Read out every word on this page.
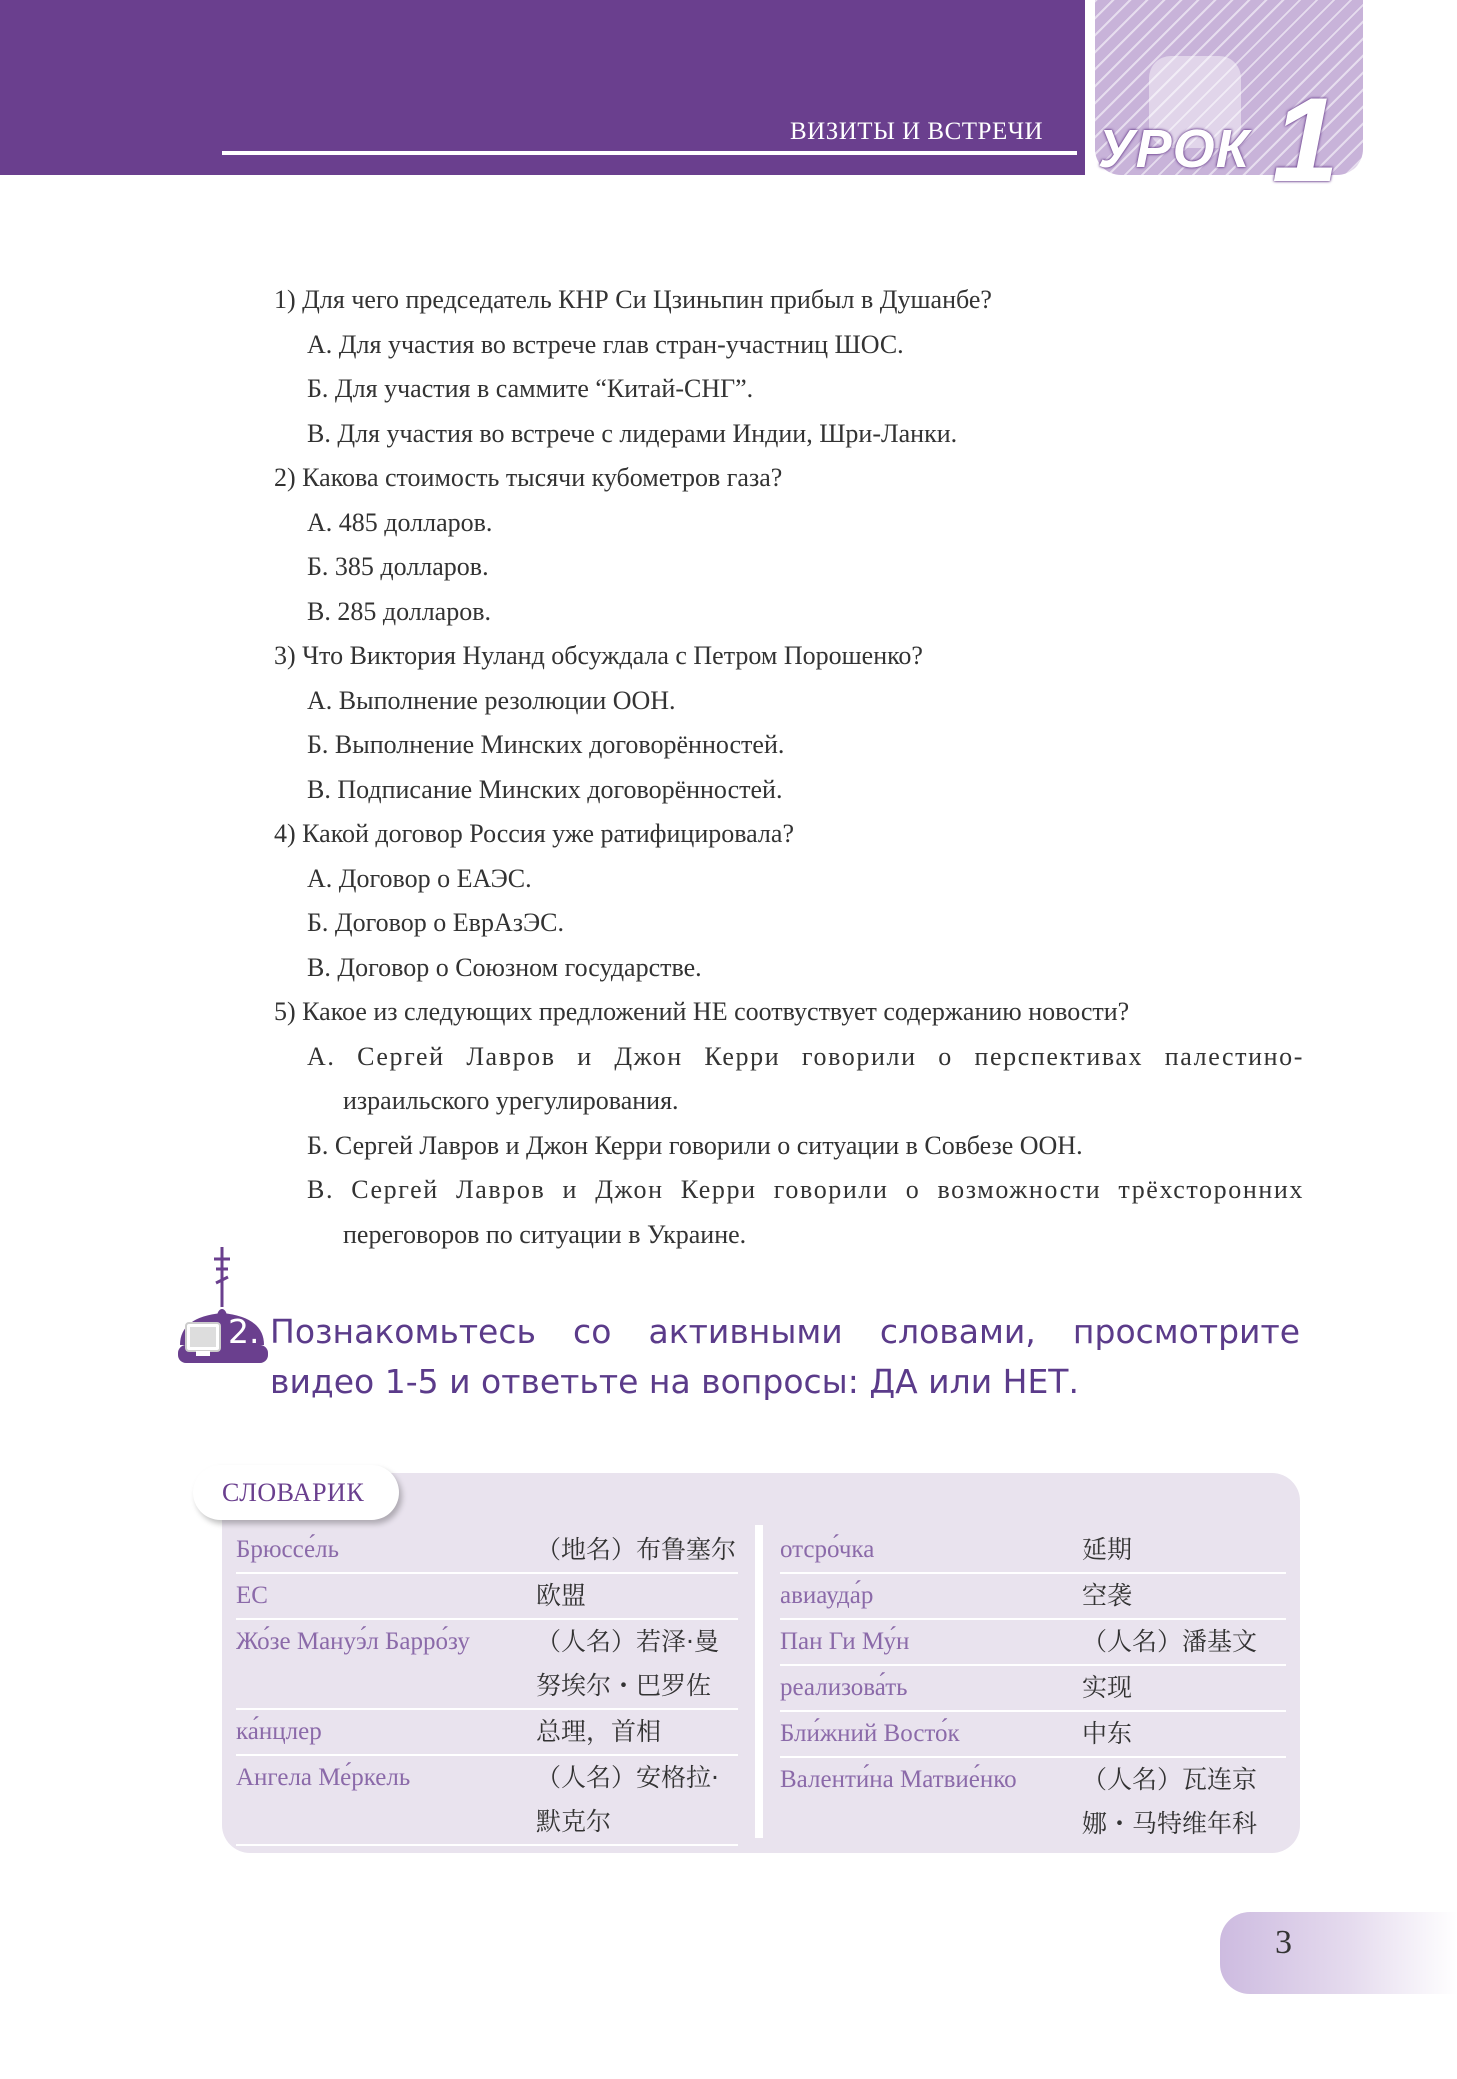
ВИЗИТЫ И ВСТРЕЧИ УРОК 1

1) Для чего председатель КНР Си Цзиньпин прибыл в Душанбе?

А. Для участия во встрече глав стран-участниц ШОС.

Б. Для участия в саммите “Китай-СНГ”.

В. Для участия во встрече с лидерами Индии, Шри-Ланки.

2) Какова стоимость тысячи кубометров газа?

А. 485 долларов.

Б. 385 долларов.

В. 285 долларов.

3) Что Виктория Нуланд обсуждала с Петром Порошенко?

А. Выполнение резолюции ООН.

Б. Выполнение Минских договорённостей.

В. Подписание Минских договорённостей.

4) Какой договор Россия уже ратифицировала?

А. Договор о ЕАЭС.

Б. Договор о ЕврАзЭС.

В. Договор о Союзном государстве.

5) Какое из следующих предложений НЕ соотвуствует содержанию новости?

А. Сергей Лавров и Джон Керри говорили о перспективах палестино-

израильского урегулирования.

Б. Сергей Лавров и Джон Керри говорили о ситуации в Совбезе ООН.

В. Сергей Лавров и Джон Керри говорили о возможности трёхсторонних

переговоров по ситуации в Украине.

2. Познакомьтесь со активными словами, просмотрите видео 1-5 и ответьте на вопросы: ДА или НЕТ.
СЛОВАРИК
Брюссе́ль	（地名）布鲁塞尔
ЕС	欧盟
Жо́зе Мануэ́л Барро́зу	（人名）若泽·曼努埃尔・巴罗佐
ка́нцлер	总理，首相
Ангела Ме́ркель	（人名）安格拉·默克尔
отсро́чка	延期
авиауда́р	空袭
Пан Ги Му́н	（人名）潘基文
реализова́ть	实现
Бли́жний Восто́к	中东
Валенти́на Матвие́нко	（人名）瓦连京娜・马特维年科
3
